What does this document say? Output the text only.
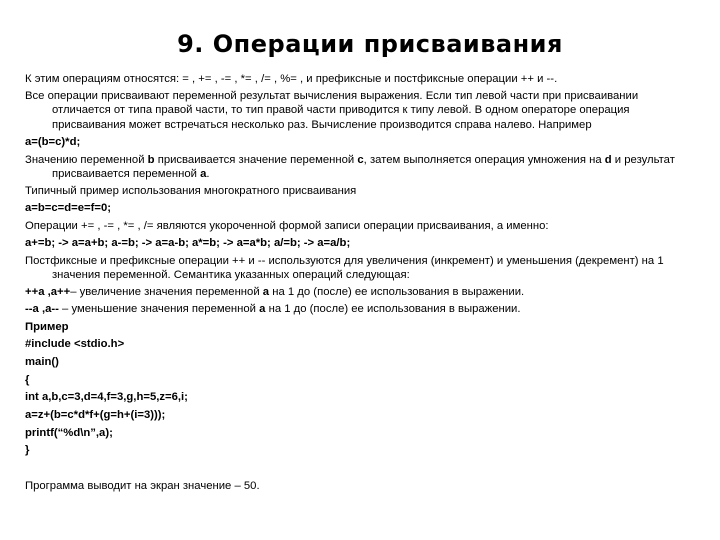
9. Операции присваивания

К этим операциям относятся: = , += , -= , *= , /= , %= , и префиксные и постфиксные операции ++ и --.

Все операции присваивают переменной результат вычисления выражения. Если тип левой части при присваивании отличается от типа правой части, то тип правой части приводится к типу левой. В одном операторе операция присваивания может встречаться несколько раз. Вычисление производится справа налево. Например

a=(b=c)*d;

Значению переменной b присваивается значение переменной c, затем выполняется операция умножения на d и результат присваивается переменной a.

Типичный пример использования многократного присваивания

a=b=c=d=e=f=0;

Операции += , -= , *= , /= являются укороченной формой записи операции присваивания, а именно:

a+=b; -> a=a+b; a-=b; -> a=a-b; a*=b; -> a=a*b; a/=b; -> a=a/b;

Постфиксные и префиксные операции ++ и -- используются для увеличения (инкремент) и уменьшения (декремент) на 1 значения переменной. Семантика указанных операций следующая:

++a ,a++– увеличение значения переменной a на 1 до (после) ее использования в выражении.

--a ,a-- – уменьшение значения переменной a на 1 до (после) ее использования в выражении.

Пример

#include <stdio.h>

main()

{

int a,b,c=3,d=4,f=3,g,h=5,z=6,i;

a=z+(b=c*d*f+(g=h+(i=3)));

printf(“%d\n”,a);

}

Программа выводит на экран значение – 50.
